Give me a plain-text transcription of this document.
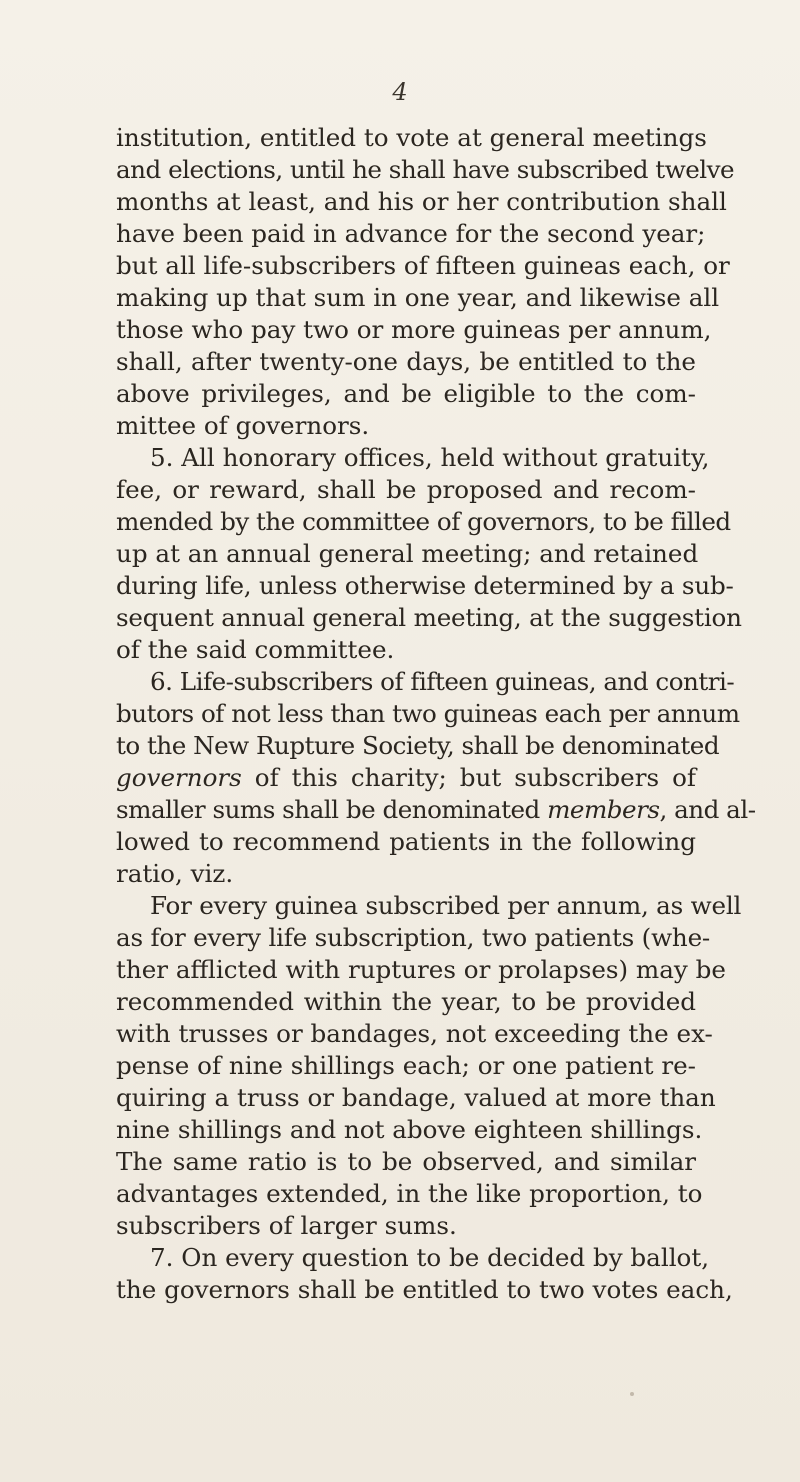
4
institution, entitled to vote at general meetings
and elections, until he shall have subscribed twelve
months at least, and his or her contribution shall
have been paid in advance for the second year;
but all life-subscribers of fifteen guineas each, or
making up that sum in one year, and likewise all
those who pay two or more guineas per annum,
shall, after twenty-one days, be entitled to the
above privileges, and be eligible to the com-
mittee of governors.
5. All honorary offices, held without gratuity,
fee, or reward, shall be proposed and recom-
mended by the committee of governors, to be filled
up at an annual general meeting; and retained
during life, unless otherwise determined by a sub-
sequent annual general meeting, at the suggestion
of the said committee.
6. Life-subscribers of fifteen guineas, and contri-
butors of not less than two guineas each per annum
to the New Rupture Society, shall be denominated
governors of this charity; but subscribers of
smaller sums shall be denominated members, and al-
lowed to recommend patients in the following
ratio, viz.
For every guinea subscribed per annum, as well
as for every life subscription, two patients (whe-
ther afflicted with ruptures or prolapses) may be
recommended within the year, to be provided
with trusses or bandages, not exceeding the ex-
pense of nine shillings each; or one patient re-
quiring a truss or bandage, valued at more than
nine shillings and not above eighteen shillings.
The same ratio is to be observed, and similar
advantages extended, in the like proportion, to
subscribers of larger sums.
7. On every question to be decided by ballot,
the governors shall be entitled to two votes each,
